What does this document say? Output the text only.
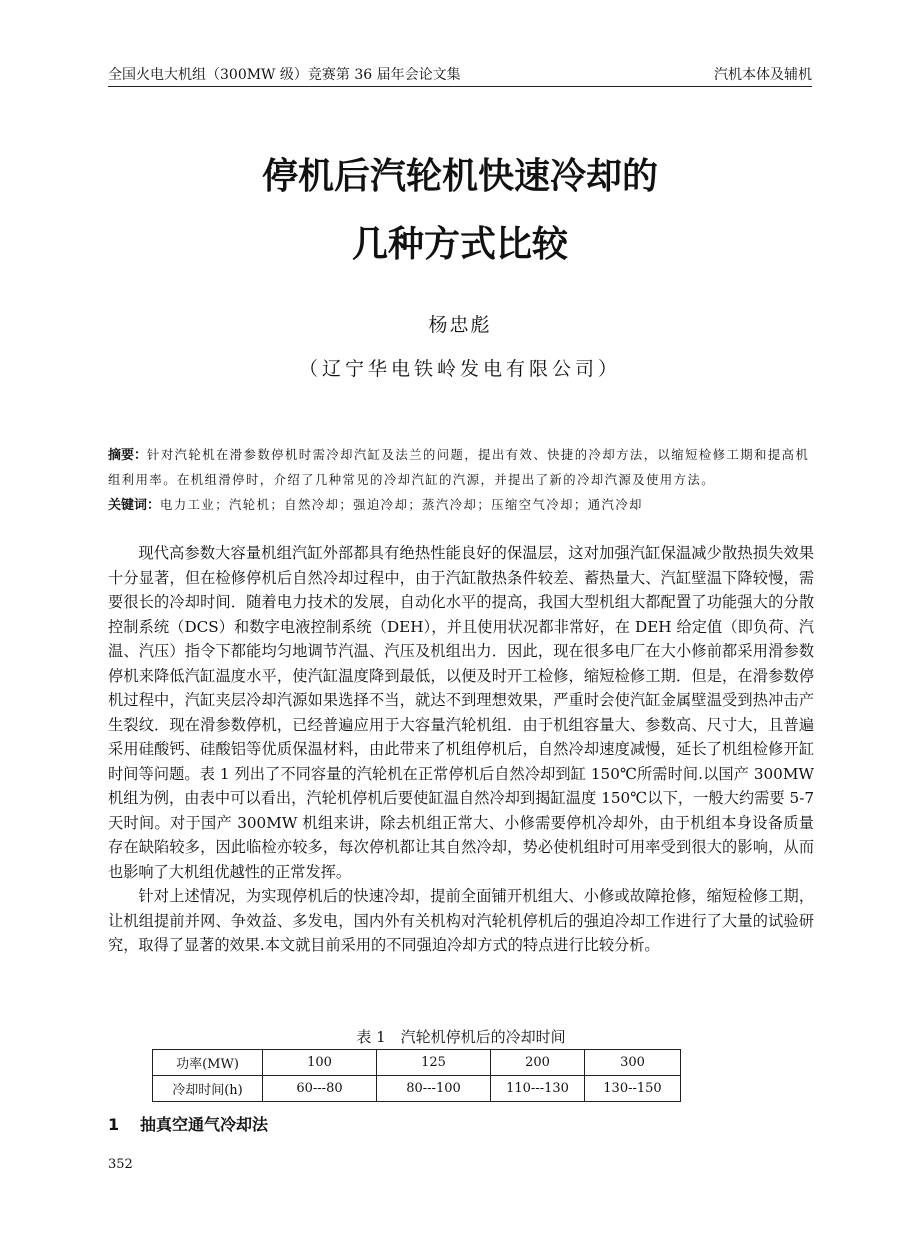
全国火电大机组（300MW 级）竞赛第 36 届年会论文集	汽机本体及辅机
停机后汽轮机快速冷却的
几种方式比较
杨忠彪
（辽宁华电铁岭发电有限公司）
摘要：针对汽轮机在滑参数停机时需冷却汽缸及法兰的问题，提出有效、快捷的冷却方法，以缩短检修工期和提高机组利用率。在机组滑停时，介绍了几种常见的冷却汽缸的汽源，并提出了新的冷却汽源及使用方法。
关键词：电力工业；汽轮机；自然冷却；强迫冷却；蒸汽冷却；压缩空气冷却；通汽冷却

现代高参数大容量机组汽缸外部都具有绝热性能良好的保温层，这对加强汽缸保温减少散热损失效果十分显著，但在检修停机后自然冷却过程中，由于汽缸散热条件较差、蓄热量大、汽缸壁温下降较慢，需要很长的冷却时间．随着电力技术的发展，自动化水平的提高，我国大型机组大都配置了功能强大的分散控制系统（DCS）和数字电液控制系统（DEH），并且使用状况都非常好，在 DEH 给定值（即负荷、汽温、汽压）指令下都能均匀地调节汽温、汽压及机组出力．因此，现在很多电厂在大小修前都采用滑参数停机来降低汽缸温度水平，使汽缸温度降到最低，以便及时开工检修，缩短检修工期．但是，在滑参数停机过程中，汽缸夹层冷却汽源如果选择不当，就达不到理想效果，严重时会使汽缸金属壁温受到热冲击产生裂纹．现在滑参数停机，已经普遍应用于大容量汽轮机组．由于机组容量大、参数高、尺寸大，且普遍采用硅酸钙、硅酸铝等优质保温材料，由此带来了机组停机后，自然冷却速度减慢，延长了机组检修开缸时间等问题。表 1 列出了不同容量的汽轮机在正常停机后自然冷却到缸 150℃所需时间.以国产 300MW 机组为例，由表中可以看出，汽轮机停机后要使缸温自然冷却到揭缸温度 150℃以下，一般大约需要 5-7 天时间。对于国产 300MW 机组来讲，除去机组正常大、小修需要停机冷却外，由于机组本身设备质量存在缺陷较多，因此临检亦较多，每次停机都让其自然冷却，势必使机组时可用率受到很大的影响，从而也影响了大机组优越性的正常发挥。

针对上述情况，为实现停机后的快速冷却，提前全面铺开机组大、小修或故障抢修，缩短检修工期，让机组提前并网、争效益、多发电，国内外有关机构对汽轮机停机后的强迫冷却工作进行了大量的试验研究，取得了显著的效果.本文就目前采用的不同强迫冷却方式的特点进行比较分析。

表 1　汽轮机停机后的冷却时间
功率(MW)	100	125	200	300
冷却时间(h)	60---80	80---100	110---130	130--150
1 抽真空通气冷却法
352
